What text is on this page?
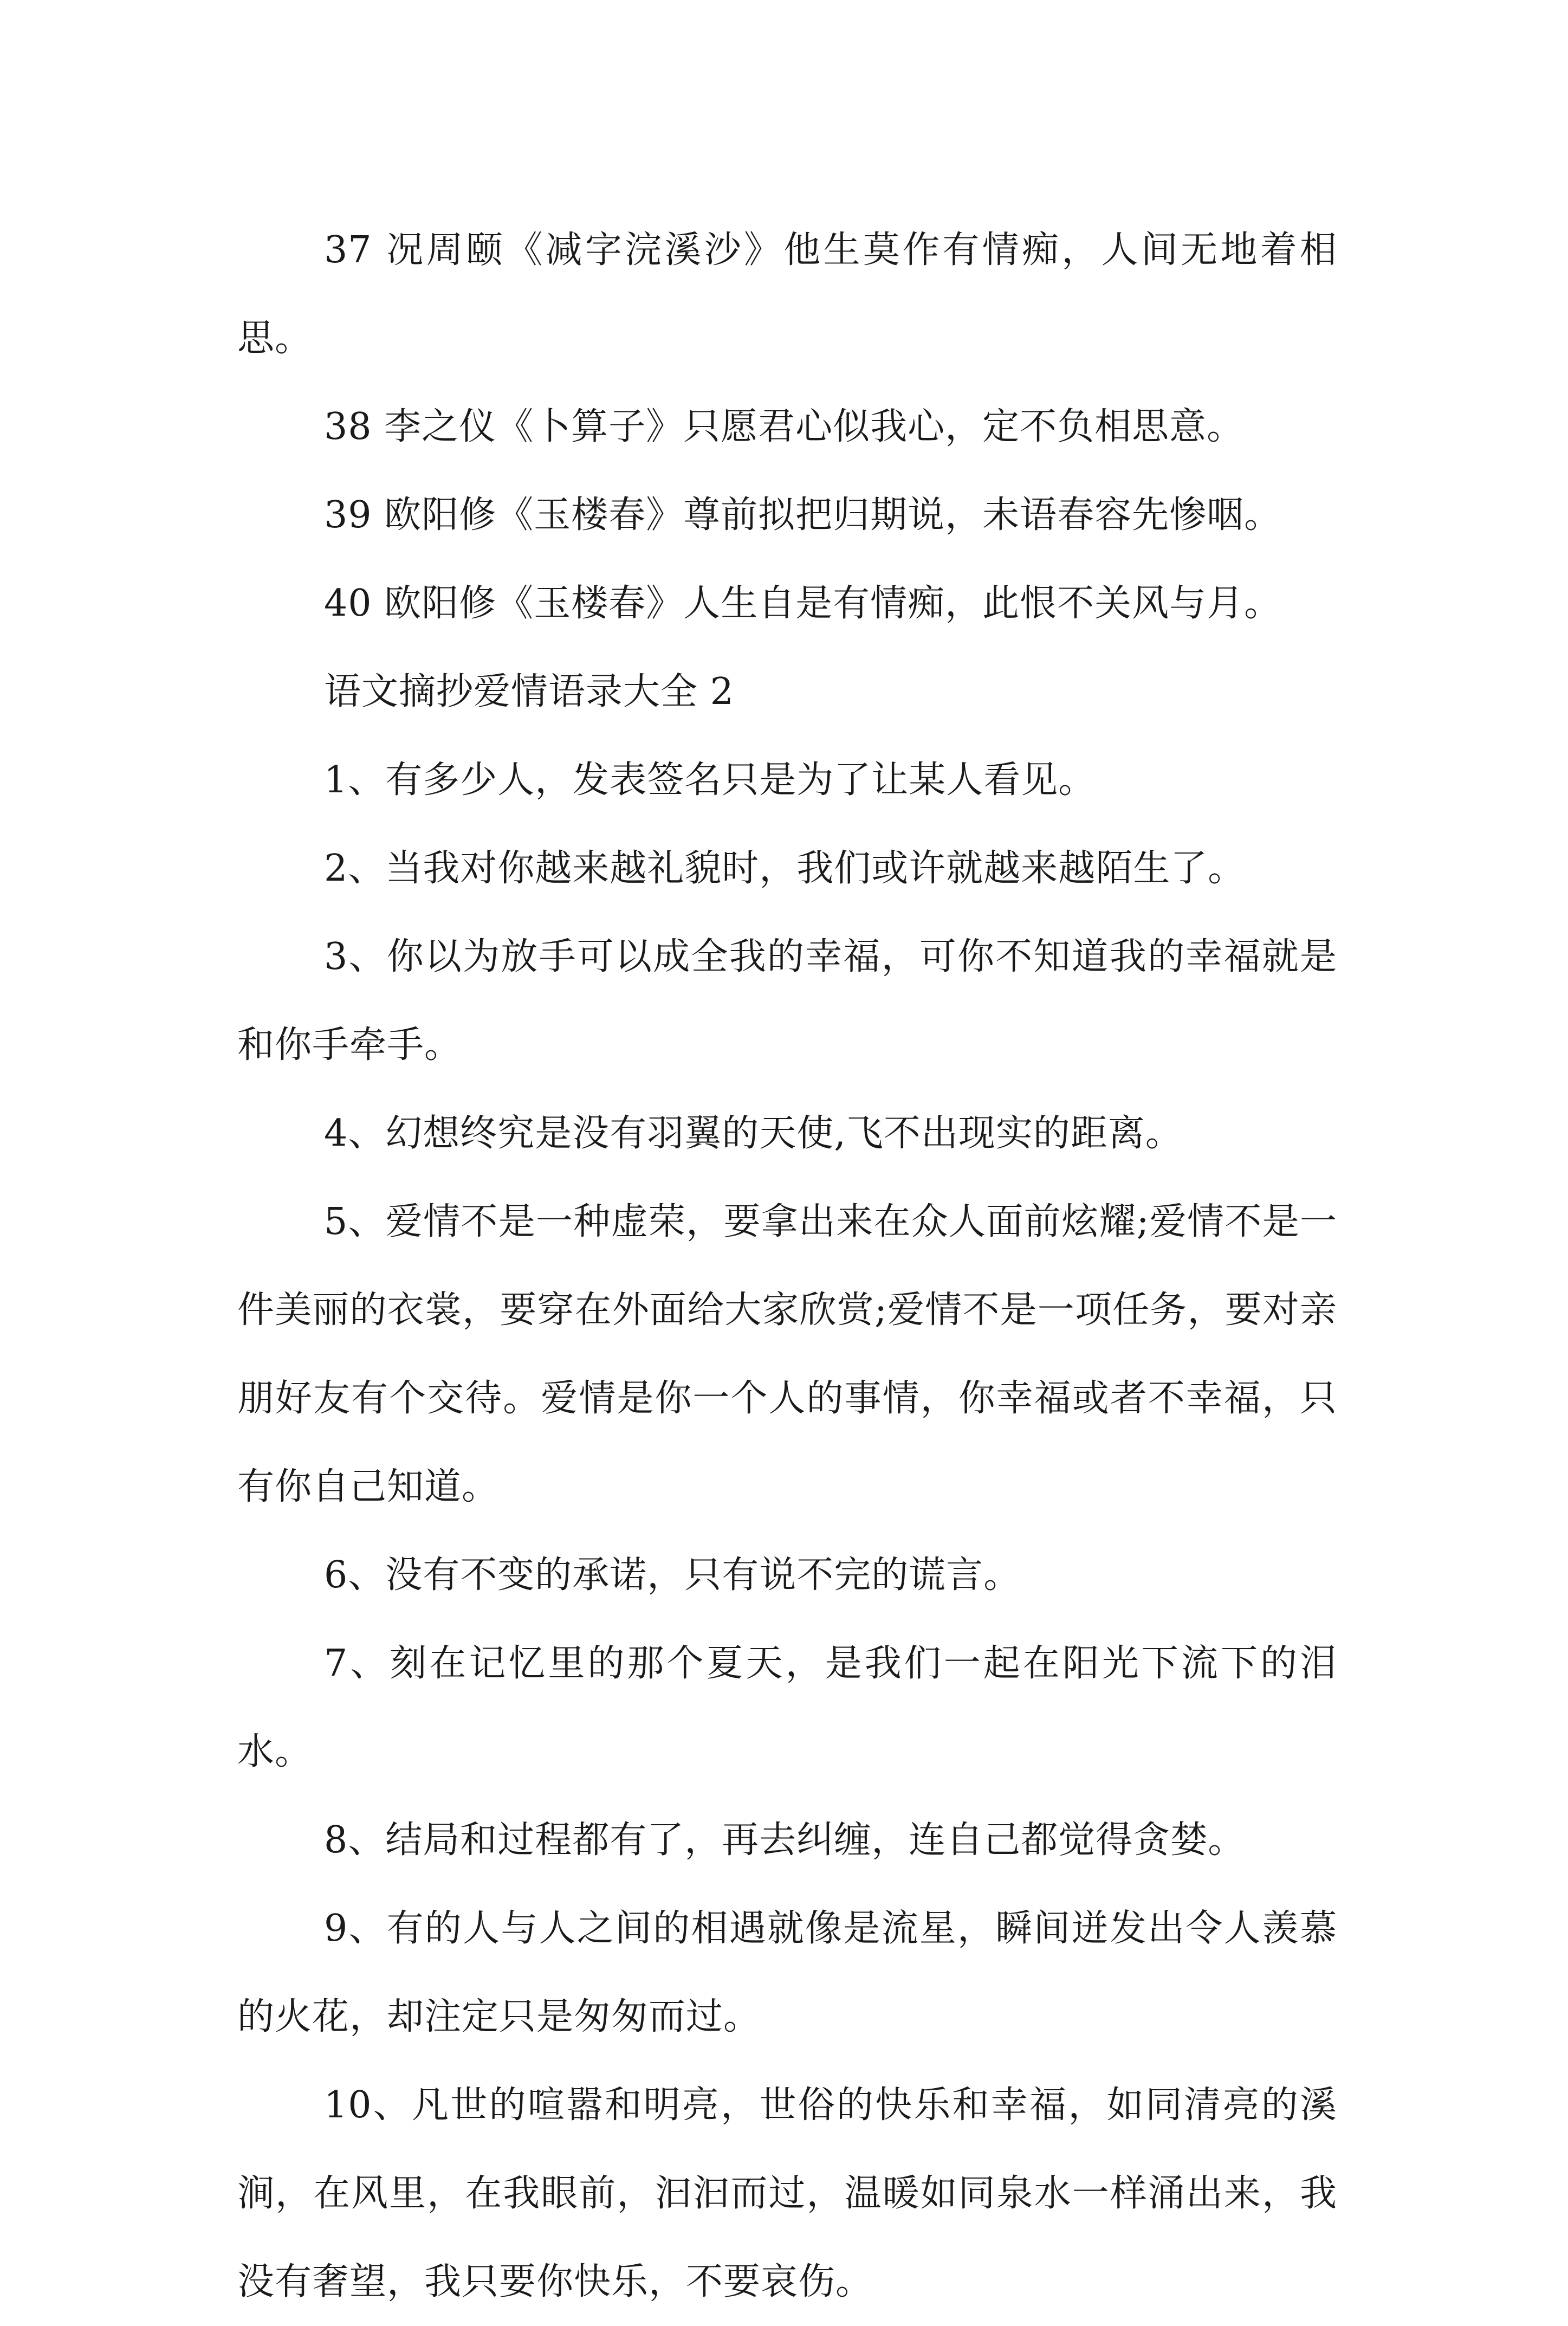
37 况周颐《减字浣溪沙》他生莫作有情痴，人间无地着相思。

38 李之仪《卜算子》只愿君心似我心，定不负相思意。

39 欧阳修《玉楼春》尊前拟把归期说，未语春容先惨咽。

40 欧阳修《玉楼春》人生自是有情痴，此恨不关风与月。

语文摘抄爱情语录大全 2

1、有多少人，发表签名只是为了让某人看见。

2、当我对你越来越礼貌时，我们或许就越来越陌生了。

3、你以为放手可以成全我的幸福，可你不知道我的幸福就是和你手牵手。

4、幻想终究是没有羽翼的天使,飞不出现实的距离。

5、爱情不是一种虚荣，要拿出来在众人面前炫耀;爱情不是一件美丽的衣裳，要穿在外面给大家欣赏;爱情不是一项任务，要对亲朋好友有个交待。爱情是你一个人的事情，你幸福或者不幸福，只有你自己知道。

6、没有不变的承诺，只有说不完的谎言。

7、刻在记忆里的那个夏天，是我们一起在阳光下流下的泪水。

8、结局和过程都有了，再去纠缠，连自己都觉得贪婪。

9、有的人与人之间的相遇就像是流星，瞬间迸发出令人羡慕的火花，却注定只是匆匆而过。

10、凡世的喧嚣和明亮，世俗的快乐和幸福，如同清亮的溪涧，在风里，在我眼前，汩汩而过，温暖如同泉水一样涌出来，我没有奢望，我只要你快乐，不要哀伤。
